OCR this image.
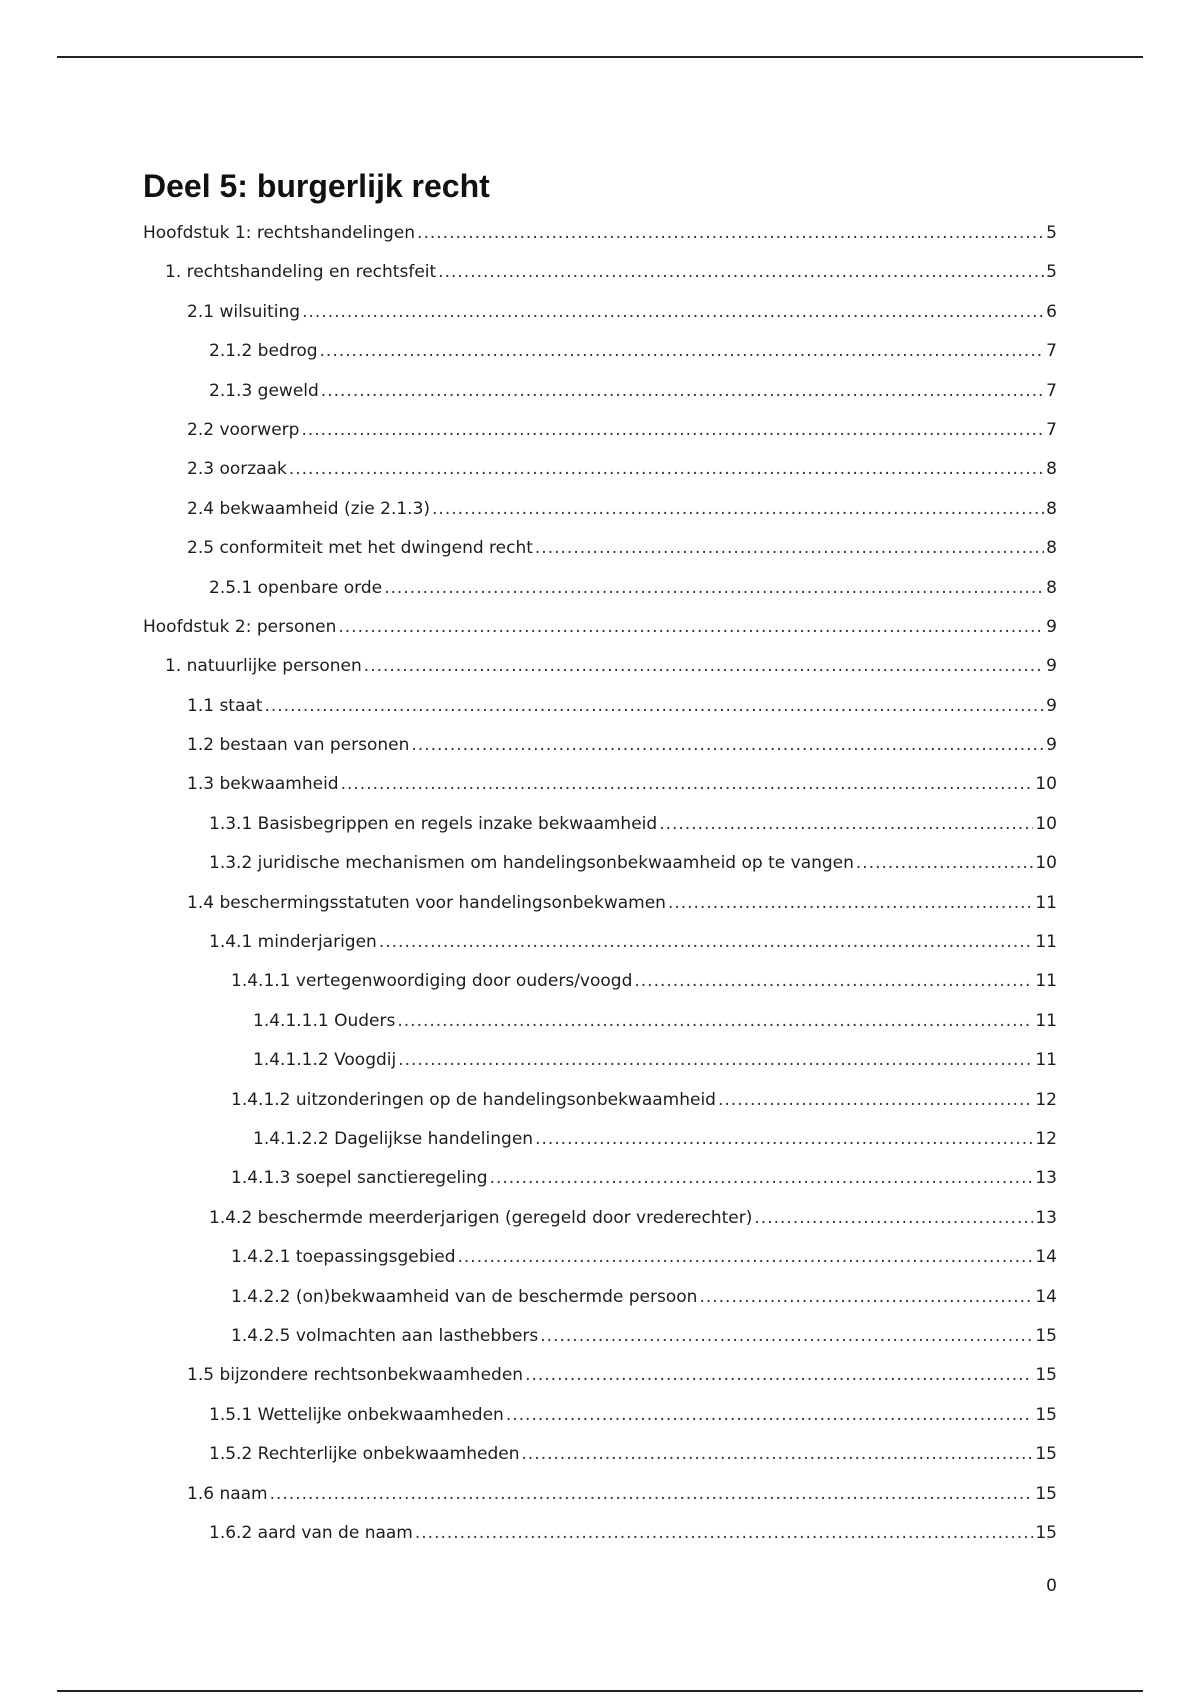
Deel 5: burgerlijk recht
Hoofdstuk 1: rechtshandelingen .....	5
1. rechtshandeling en rechtsfeit .....	5
2.1 wilsuiting .....	6
2.1.2 bedrog .....	7
2.1.3 geweld .....	7
2.2 voorwerp .....	7
2.3 oorzaak .....	8
2.4 bekwaamheid (zie 2.1.3) .....	8
2.5 conformiteit met het dwingend recht .....	8
2.5.1 openbare orde .....	8
Hoofdstuk 2: personen .....	9
1. natuurlijke personen .....	9
1.1 staat .....	9
1.2 bestaan van personen .....	9
1.3 bekwaamheid .....	10
1.3.1 Basisbegrippen en regels inzake bekwaamheid .....	10
1.3.2 juridische mechanismen om handelingsonbekwaamheid op te vangen .....	10
1.4 beschermingsstatuten voor handelingsonbekwamen .....	11
1.4.1 minderjarigen .....	11
1.4.1.1 vertegenwoordiging door ouders/voogd .....	11
1.4.1.1.1 Ouders .....	11
1.4.1.1.2 Voogdij .....	11
1.4.1.2 uitzonderingen op de handelingsonbekwaamheid .....	12
1.4.1.2.2 Dagelijkse handelingen .....	12
1.4.1.3 soepel sanctieregeling .....	13
1.4.2 beschermde meerderjarigen (geregeld door vrederechter) .....	13
1.4.2.1 toepassingsgebied .....	14
1.4.2.2 (on)bekwaamheid van de beschermde persoon .....	14
1.4.2.5 volmachten aan lasthebbers .....	15
1.5 bijzondere rechtsonbekwaamheden .....	15
1.5.1 Wettelijke onbekwaamheden .....	15
1.5.2 Rechterlijke onbekwaamheden .....	15
1.6 naam .....	15
1.6.2 aard van de naam .....	15
0
